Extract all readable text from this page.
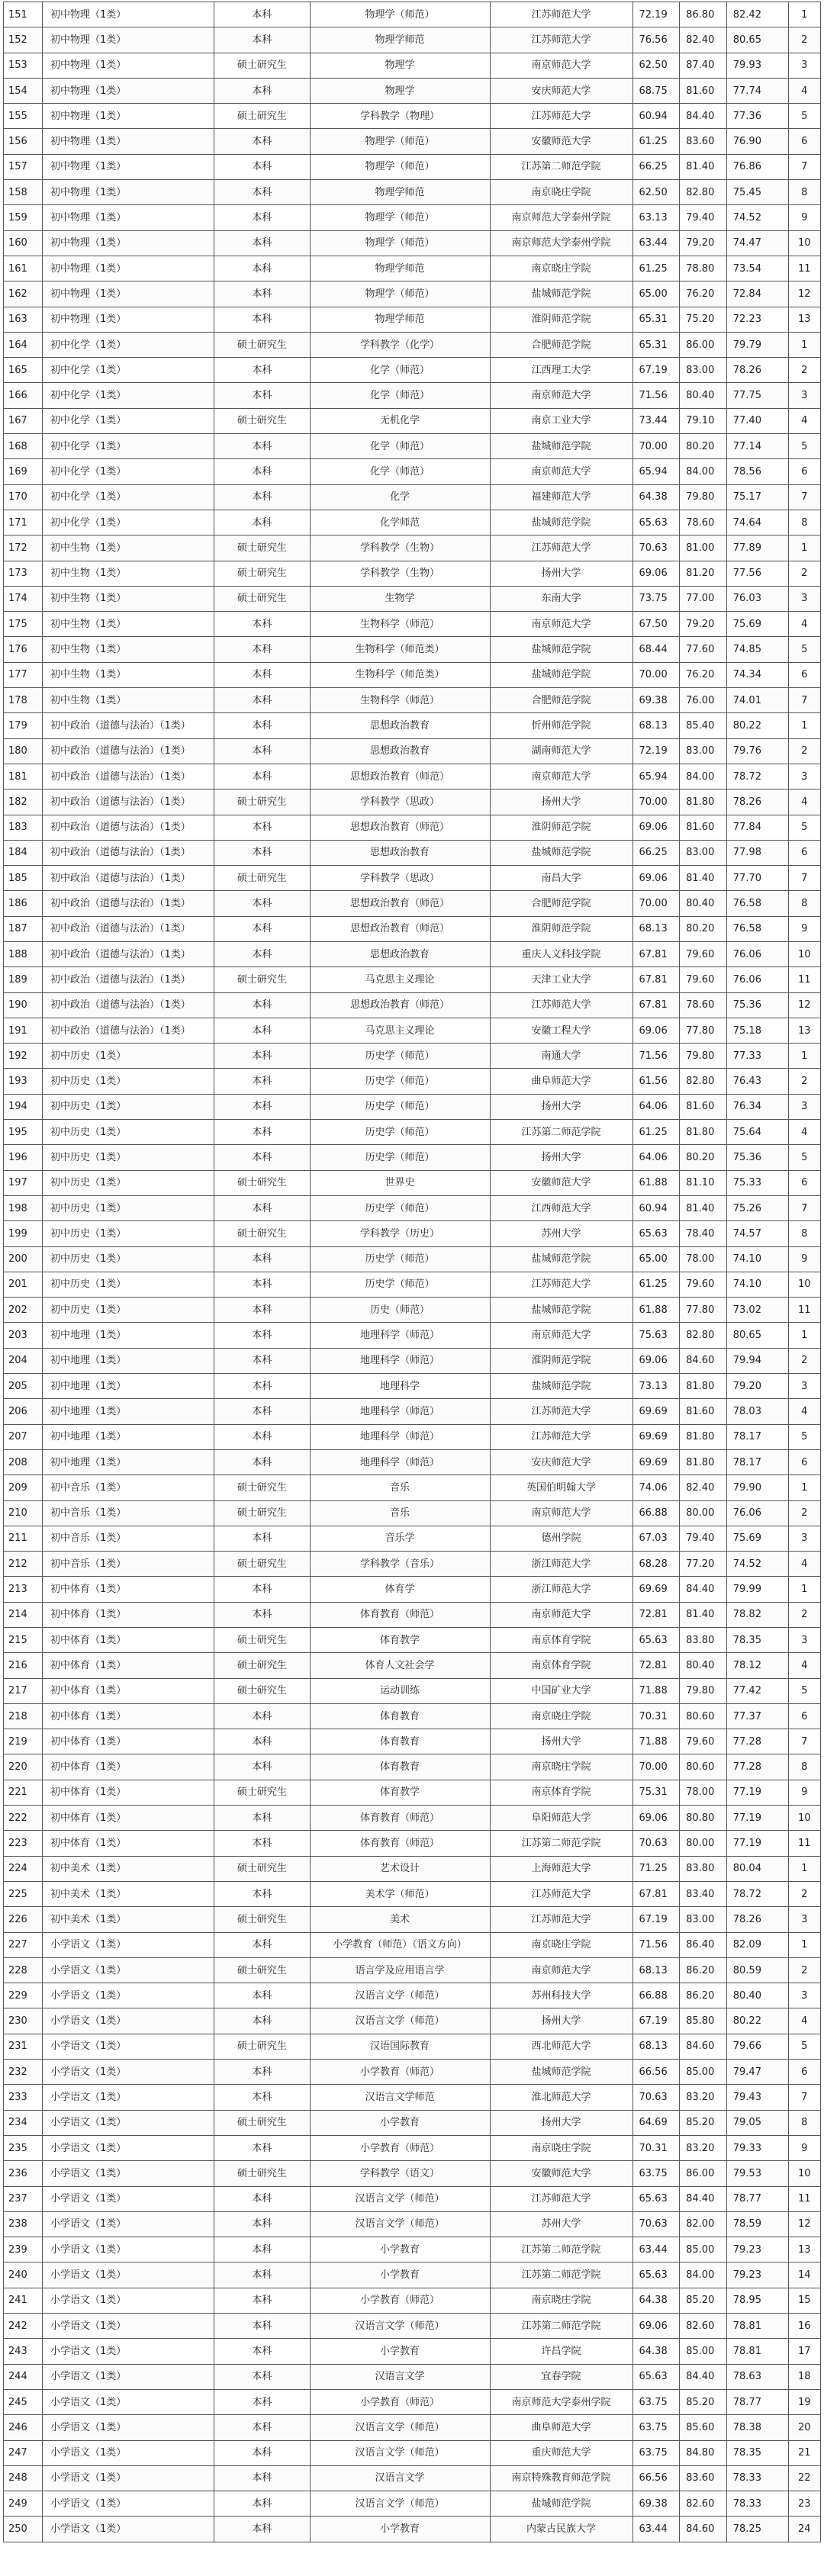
151	初中物理（1类）	本科	物理学（师范）	江苏师范大学	72.19	86.80	82.42	1
152	初中物理（1类）	本科	物理学师范	江苏师范大学	76.56	82.40	80.65	2
153	初中物理（1类）	硕士研究生	物理学	南京师范大学	62.50	87.40	79.93	3
154	初中物理（1类）	本科	物理学	安庆师范大学	68.75	81.60	77.74	4
155	初中物理（1类）	硕士研究生	学科教学（物理）	江苏师范大学	60.94	84.40	77.36	5
156	初中物理（1类）	本科	物理学（师范）	安徽师范大学	61.25	83.60	76.90	6
157	初中物理（1类）	本科	物理学（师范）	江苏第二师范学院	66.25	81.40	76.86	7
158	初中物理（1类）	本科	物理学师范	南京晓庄学院	62.50	82.80	75.45	8
159	初中物理（1类）	本科	物理学（师范）	南京师范大学泰州学院	63.13	79.40	74.52	9
160	初中物理（1类）	本科	物理学（师范）	南京师范大学泰州学院	63.44	79.20	74.47	10
161	初中物理（1类）	本科	物理学师范	南京晓庄学院	61.25	78.80	73.54	11
162	初中物理（1类）	本科	物理学（师范）	盐城师范学院	65.00	76.20	72.84	12
163	初中物理（1类）	本科	物理学师范	淮阴师范学院	65.31	75.20	72.23	13
164	初中化学（1类）	硕士研究生	学科教学（化学）	合肥师范学院	65.31	86.00	79.79	1
165	初中化学（1类）	本科	化学（师范）	江西理工大学	67.19	83.00	78.26	2
166	初中化学（1类）	本科	化学（师范）	南京师范大学	71.56	80.40	77.75	3
167	初中化学（1类）	硕士研究生	无机化学	南京工业大学	73.44	79.10	77.40	4
168	初中化学（1类）	本科	化学（师范）	盐城师范学院	70.00	80.20	77.14	5
169	初中化学（1类）	本科	化学（师范）	南京师范大学	65.94	84.00	78.56	6
170	初中化学（1类）	本科	化学	福建师范大学	64.38	79.80	75.17	7
171	初中化学（1类）	本科	化学师范	盐城师范学院	65.63	78.60	74.64	8
172	初中生物（1类）	硕士研究生	学科教学（生物）	江苏师范大学	70.63	81.00	77.89	1
173	初中生物（1类）	硕士研究生	学科教学（生物）	扬州大学	69.06	81.20	77.56	2
174	初中生物（1类）	硕士研究生	生物学	东南大学	73.75	77.00	76.03	3
175	初中生物（1类）	本科	生物科学（师范）	南京师范大学	67.50	79.20	75.69	4
176	初中生物（1类）	本科	生物科学（师范类）	盐城师范学院	68.44	77.60	74.85	5
177	初中生物（1类）	本科	生物科学（师范类）	盐城师范学院	70.00	76.20	74.34	6
178	初中生物（1类）	本科	生物科学（师范）	合肥师范学院	69.38	76.00	74.01	7
179	初中政治（道德与法治）（1类）	本科	思想政治教育	忻州师范学院	68.13	85.40	80.22	1
180	初中政治（道德与法治）（1类）	本科	思想政治教育	湖南师范大学	72.19	83.00	79.76	2
181	初中政治（道德与法治）（1类）	本科	思想政治教育（师范）	南京师范大学	65.94	84.00	78.72	3
182	初中政治（道德与法治）（1类）	硕士研究生	学科教学（思政）	扬州大学	70.00	81.80	78.26	4
183	初中政治（道德与法治）（1类）	本科	思想政治教育（师范）	淮阴师范学院	69.06	81.60	77.84	5
184	初中政治（道德与法治）（1类）	本科	思想政治教育	盐城师范学院	66.25	83.00	77.98	6
185	初中政治（道德与法治）（1类）	硕士研究生	学科教学（思政）	南昌大学	69.06	81.40	77.70	7
186	初中政治（道德与法治）（1类）	本科	思想政治教育（师范）	合肥师范学院	70.00	80.40	76.58	8
187	初中政治（道德与法治）（1类）	本科	思想政治教育（师范）	淮阴师范学院	68.13	80.20	76.58	9
188	初中政治（道德与法治）（1类）	本科	思想政治教育	重庆人文科技学院	67.81	79.60	76.06	10
189	初中政治（道德与法治）（1类）	硕士研究生	马克思主义理论	天津工业大学	67.81	79.60	76.06	11
190	初中政治（道德与法治）（1类）	本科	思想政治教育（师范）	江苏师范大学	67.81	78.60	75.36	12
191	初中政治（道德与法治）（1类）	本科	马克思主义理论	安徽工程大学	69.06	77.80	75.18	13
192	初中历史（1类）	本科	历史学（师范）	南通大学	71.56	79.80	77.33	1
193	初中历史（1类）	本科	历史学（师范）	曲阜师范大学	61.56	82.80	76.43	2
194	初中历史（1类）	本科	历史学（师范）	扬州大学	64.06	81.60	76.34	3
195	初中历史（1类）	本科	历史学（师范）	江苏第二师范学院	61.25	81.80	75.64	4
196	初中历史（1类）	本科	历史学（师范）	扬州大学	64.06	80.20	75.36	5
197	初中历史（1类）	硕士研究生	世界史	安徽师范大学	61.88	81.10	75.33	6
198	初中历史（1类）	本科	历史学（师范）	江西师范大学	60.94	81.40	75.26	7
199	初中历史（1类）	硕士研究生	学科教学（历史）	苏州大学	65.63	78.40	74.57	8
200	初中历史（1类）	本科	历史学（师范）	盐城师范学院	65.00	78.00	74.10	9
201	初中历史（1类）	本科	历史学（师范）	江苏师范大学	61.25	79.60	74.10	10
202	初中历史（1类）	本科	历史（师范）	盐城师范学院	61.88	77.80	73.02	11
203	初中地理（1类）	本科	地理科学（师范）	南京师范大学	75.63	82.80	80.65	1
204	初中地理（1类）	本科	地理科学（师范）	淮阴师范学院	69.06	84.60	79.94	2
205	初中地理（1类）	本科	地理科学	盐城师范学院	73.13	81.80	79.20	3
206	初中地理（1类）	本科	地理科学（师范）	江苏师范大学	69.69	81.60	78.03	4
207	初中地理（1类）	本科	地理科学（师范）	江苏师范大学	69.69	81.80	78.17	5
208	初中地理（1类）	本科	地理科学（师范）	安庆师范大学	69.69	81.80	78.17	6
209	初中音乐（1类）	硕士研究生	音乐	英国伯明翰大学	74.06	82.40	79.90	1
210	初中音乐（1类）	硕士研究生	音乐	南京师范大学	66.88	80.00	76.06	2
211	初中音乐（1类）	本科	音乐学	德州学院	67.03	79.40	75.69	3
212	初中音乐（1类）	硕士研究生	学科教学（音乐）	浙江师范大学	68.28	77.20	74.52	4
213	初中体育（1类）	本科	体育学	浙江师范大学	69.69	84.40	79.99	1
214	初中体育（1类）	本科	体育教育（师范）	南京师范大学	72.81	81.40	78.82	2
215	初中体育（1类）	硕士研究生	体育教学	南京体育学院	65.63	83.80	78.35	3
216	初中体育（1类）	硕士研究生	体育人文社会学	南京体育学院	72.81	80.40	78.12	4
217	初中体育（1类）	硕士研究生	运动训练	中国矿业大学	71.88	79.80	77.42	5
218	初中体育（1类）	本科	体育教育	南京晓庄学院	70.31	80.60	77.37	6
219	初中体育（1类）	本科	体育教育	扬州大学	71.88	79.60	77.28	7
220	初中体育（1类）	本科	体育教育	南京晓庄学院	70.00	80.60	77.28	8
221	初中体育（1类）	硕士研究生	体育教学	南京体育学院	75.31	78.00	77.19	9
222	初中体育（1类）	本科	体育教育（师范）	阜阳师范大学	69.06	80.80	77.19	10
223	初中体育（1类）	本科	体育教育（师范）	江苏第二师范学院	70.63	80.00	77.19	11
224	初中美术（1类）	硕士研究生	艺术设计	上海师范大学	71.25	83.80	80.04	1
225	初中美术（1类）	本科	美术学（师范）	江苏师范大学	67.81	83.40	78.72	2
226	初中美术（1类）	硕士研究生	美术	江苏师范大学	67.19	83.00	78.26	3
227	小学语文（1类）	本科	小学教育（师范）（语文方向）	南京晓庄学院	71.56	86.40	82.09	1
228	小学语文（1类）	硕士研究生	语言学及应用语言学	南京师范大学	68.13	86.20	80.59	2
229	小学语文（1类）	本科	汉语言文学（师范）	苏州科技大学	66.88	86.20	80.40	3
230	小学语文（1类）	本科	汉语言文学（师范）	扬州大学	67.19	85.80	80.22	4
231	小学语文（1类）	硕士研究生	汉语国际教育	西北师范大学	68.13	84.60	79.66	5
232	小学语文（1类）	本科	小学教育（师范）	盐城师范学院	66.56	85.00	79.47	6
233	小学语文（1类）	本科	汉语言文学师范	淮北师范大学	70.63	83.20	79.43	7
234	小学语文（1类）	硕士研究生	小学教育	扬州大学	64.69	85.20	79.05	8
235	小学语文（1类）	本科	小学教育（师范）	南京晓庄学院	70.31	83.20	79.33	9
236	小学语文（1类）	硕士研究生	学科教学（语文）	安徽师范大学	63.75	86.00	79.53	10
237	小学语文（1类）	本科	汉语言文学（师范）	江苏师范大学	65.63	84.40	78.77	11
238	小学语文（1类）	本科	汉语言文学（师范）	苏州大学	70.63	82.00	78.59	12
239	小学语文（1类）	本科	小学教育	江苏第二师范学院	63.44	85.00	79.23	13
240	小学语文（1类）	本科	小学教育	江苏第二师范学院	65.63	84.00	79.23	14
241	小学语文（1类）	本科	小学教育（师范）	南京晓庄学院	64.38	85.20	78.95	15
242	小学语文（1类）	本科	汉语言文学（师范）	江苏第二师范学院	69.06	82.60	78.81	16
243	小学语文（1类）	本科	小学教育	许昌学院	64.38	85.00	78.81	17
244	小学语文（1类）	本科	汉语言文学	宜春学院	65.63	84.40	78.63	18
245	小学语文（1类）	本科	小学教育（师范）	南京师范大学泰州学院	63.75	85.20	78.77	19
246	小学语文（1类）	本科	汉语言文学（师范）	曲阜师范大学	63.75	85.60	78.38	20
247	小学语文（1类）	本科	汉语言文学（师范）	重庆师范大学	63.75	84.80	78.35	21
248	小学语文（1类）	本科	汉语言文学	南京特殊教育师范学院	66.56	83.60	78.33	22
249	小学语文（1类）	本科	汉语言文学（师范）	盐城师范学院	69.38	82.60	78.33	23
250	小学语文（1类）	本科	小学教育	内蒙古民族大学	63.44	84.60	78.25	24
